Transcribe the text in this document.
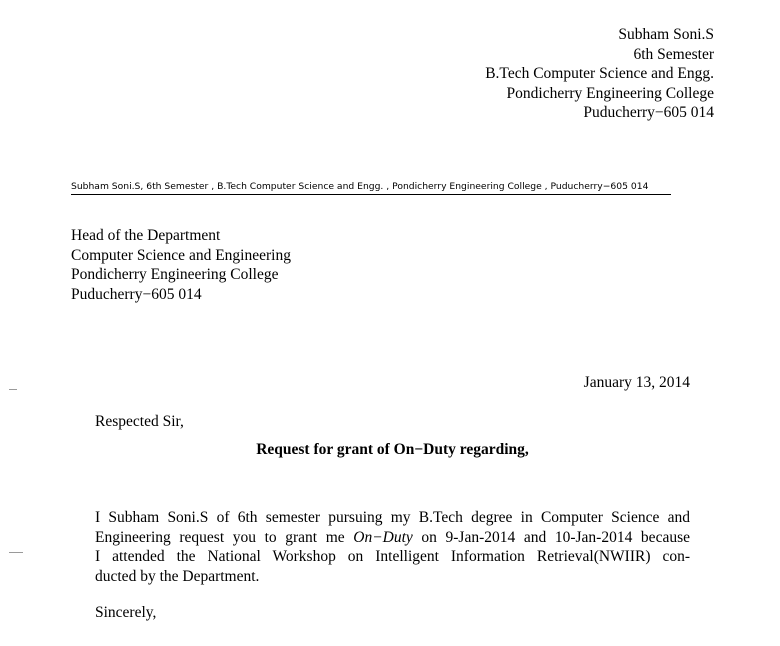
Subham Soni.S
6th Semester
B.Tech Computer Science and Engg.
Pondicherry Engineering College
Puducherry−605 014
Subham Soni.S, 6th Semester , B.Tech Computer Science and Engg. , Pondicherry Engineering College , Puducherry−605 014
Head of the Department
Computer Science and Engineering
Pondicherry Engineering College
Puducherry−605 014
January 13, 2014
Respected Sir,
Request for grant of On−Duty regarding,
I Subham Soni.S of 6th semester pursuing my B.Tech degree in Computer Science and
Engineering request you to grant me On−Duty on 9-Jan-2014 and 10-Jan-2014 because
I attended the National Workshop on Intelligent Information Retrieval(NWIIR) con-
ducted by the Department.
Sincerely,
